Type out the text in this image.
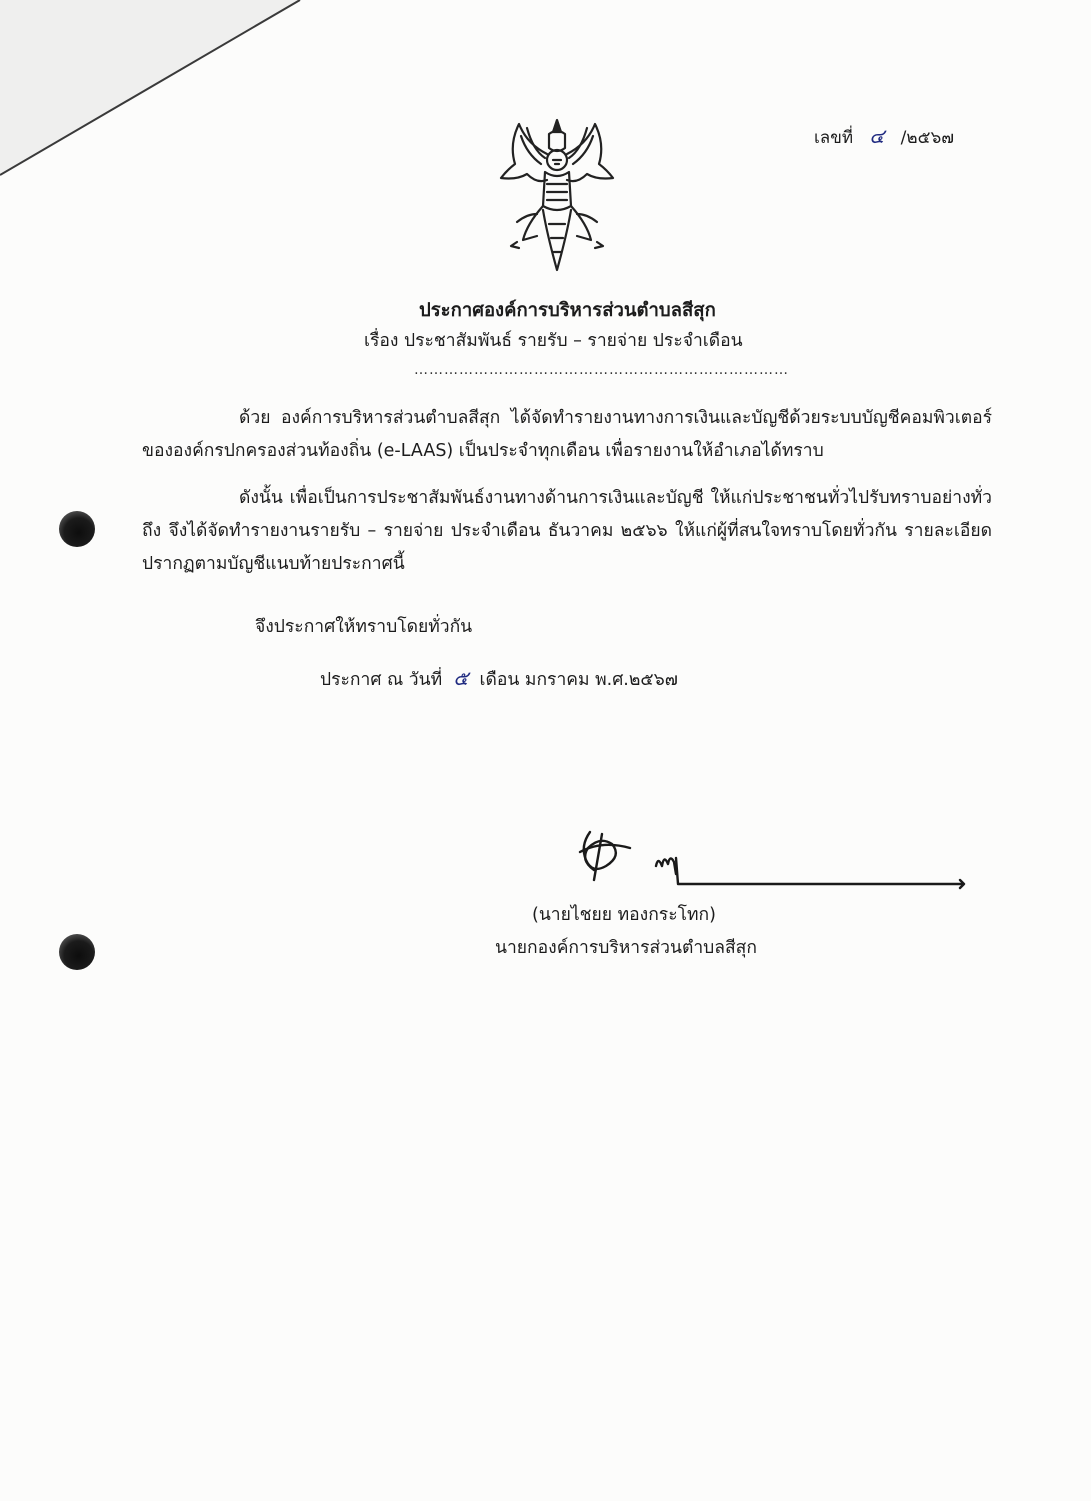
เลขที่ ๔ /๒๕๖๗
ประกาศองค์การบริหารส่วนตำบลสีสุก
เรื่อง ประชาสัมพันธ์ รายรับ – รายจ่าย ประจำเดือน
…………………………………………………………………
ด้วย องค์การบริหารส่วนตำบลสีสุก ได้จัดทำรายงานทางการเงินและบัญชีด้วยระบบบัญชีคอมพิวเตอร์ขององค์กรปกครองส่วนท้องถิ่น (e-LAAS) เป็นประจำทุกเดือน เพื่อรายงานให้อำเภอได้ทราบ
ดังนั้น เพื่อเป็นการประชาสัมพันธ์งานทางด้านการเงินและบัญชี ให้แก่ประชาชนทั่วไปรับทราบอย่างทั่วถึง จึงได้จัดทำรายงานรายรับ – รายจ่าย ประจำเดือน ธันวาคม ๒๕๖๖ ให้แก่ผู้ที่สนใจทราบโดยทั่วกัน รายละเอียดปรากฏตามบัญชีแนบท้ายประกาศนี้
จึงประกาศให้ทราบโดยทั่วกัน
ประกาศ ณ วันที่ ๕ เดือน มกราคม พ.ศ.๒๕๖๗
(นายไชยย ทองกระโทก)
นายกองค์การบริหารส่วนตำบลสีสุก
